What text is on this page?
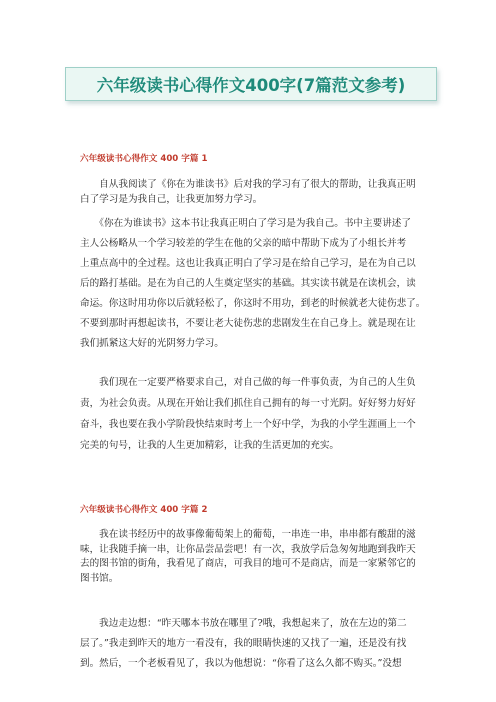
六年级读书心得作文400字(7篇范文参考)
六年级读书心得作文 400 字篇 1
　　自从我阅读了《你在为谁读书》后对我的学习有了很大的帮助，让我真正明
白了学习是为我自己，让我更加努力学习。
　　《你在为谁读书》这本书让我真正明白了学习是为我自己。书中主要讲述了
主人公杨略从一个学习较差的学生在他的父亲的暗中帮助下成为了小组长并考
上重点高中的全过程。这也让我真正明白了学习是在给自己学习，是在为自己以
后的路打基础。是在为自己的人生奠定坚实的基础。其实读书就是在读机会，读
命运。你这时用功你以后就轻松了，你这时不用功，到老的时候就老大徒伤悲了。
不要到那时再想起读书，不要让老大徒伤悲的悲剧发生在自己身上。就是现在让
我们抓紧这大好的光阴努力学习。
　　我们现在一定要严格要求自己，对自己做的每一件事负责，为自己的人生负
责，为社会负责。从现在开始让我们抓住自己拥有的每一寸光阴。好好努力好好
奋斗，我也要在我小学阶段快结束时考上一个好中学，为我的小学生涯画上一个
完美的句号，让我的人生更加精彩，让我的生活更加的充实。
六年级读书心得作文 400 字篇 2
　　我在读书经历中的故事像葡萄架上的葡萄，一串连一串，串串都有酸甜的滋
味，让我随手摘一串，让你品尝品尝吧！有一次，我放学后急匆匆地跑到我昨天
去的图书馆的街角，我看见了商店，可我目的地可不是商店，而是一家紧邻它的
图书馆。
　　我边走边想：“昨天哪本书放在哪里了?哦，我想起来了，放在左边的第二
层了。”我走到昨天的地方一看没有，我的眼睛快速的又找了一遍，还是没有找
到。然后，一个老板看见了，我以为他想说：“你看了这么久都不购买。”没想
